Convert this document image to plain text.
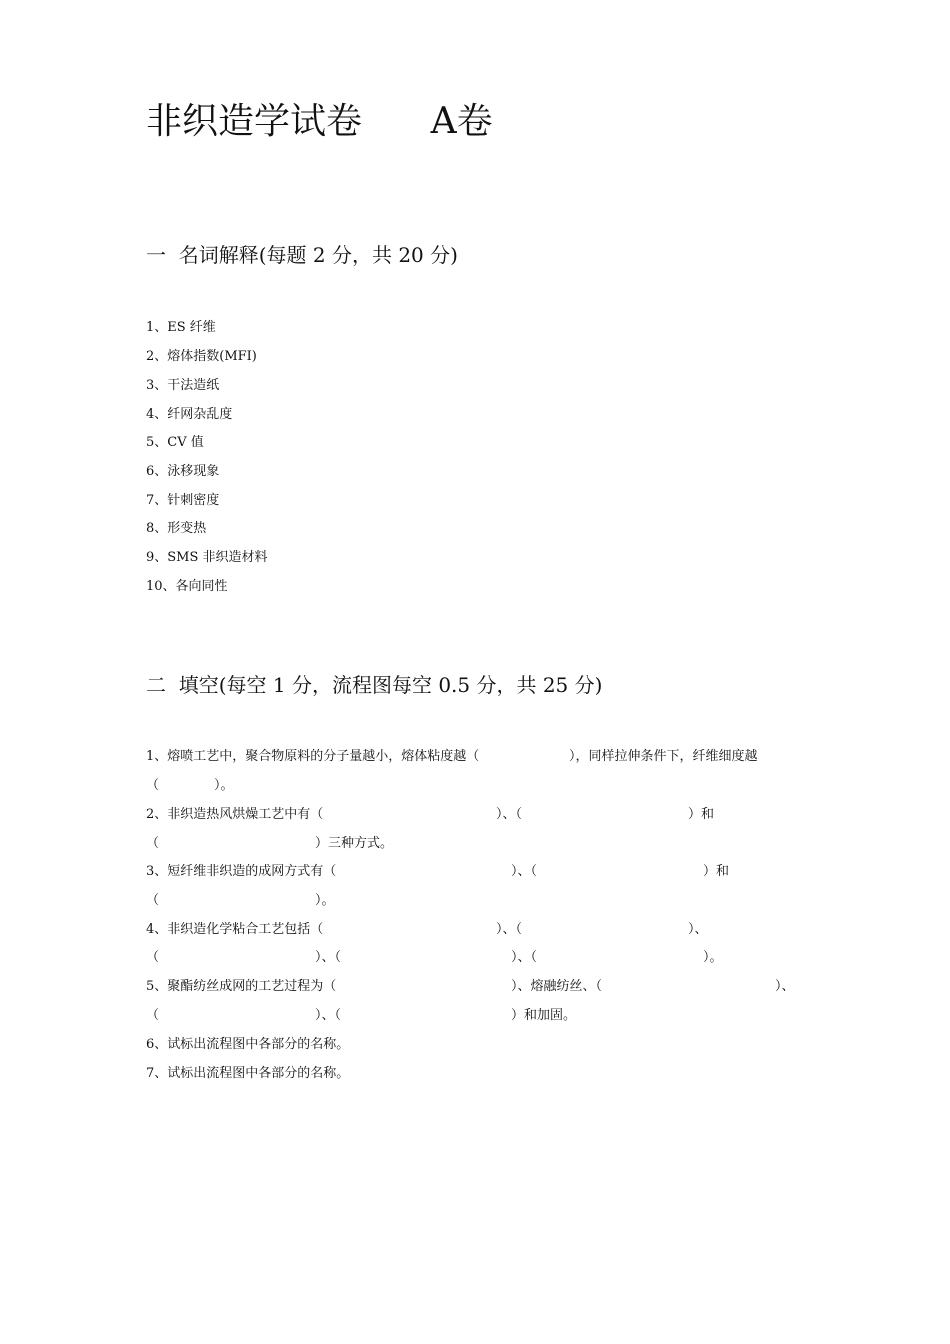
非织造学试卷      A卷
一  名词解释(每题 2 分，共 20 分)
1、ES 纤维
2、熔体指数(MFI)
3、干法造纸
4、纤网杂乱度
5、CV 值
6、泳移现象
7、针刺密度
8、形变热
9、SMS 非织造材料
10、各向同性
二  填空(每空 1 分，流程图每空 0.5 分，共 25 分)

1、熔喷工艺中，聚合物原料的分子量越小，熔体粘度越（

	），同样拉伸条件下，纤维细度越

（

	）。

2、非织造热风烘燥工艺中有（

	）、（

	）和

（

	）三种方式。

3、短纤维非织造的成网方式有（

	）、（

	）和

（

	）。

4、非织造化学粘合工艺包括（

	）、（

	）、

（

	）、（

	）、（

	）。

5、聚酯纺丝成网的工艺过程为（

	）、熔融纺丝、（

	）、

（

	）、（

	）和加固。

6、试标出流程图中各部分的名称。
7、试标出流程图中各部分的名称。
